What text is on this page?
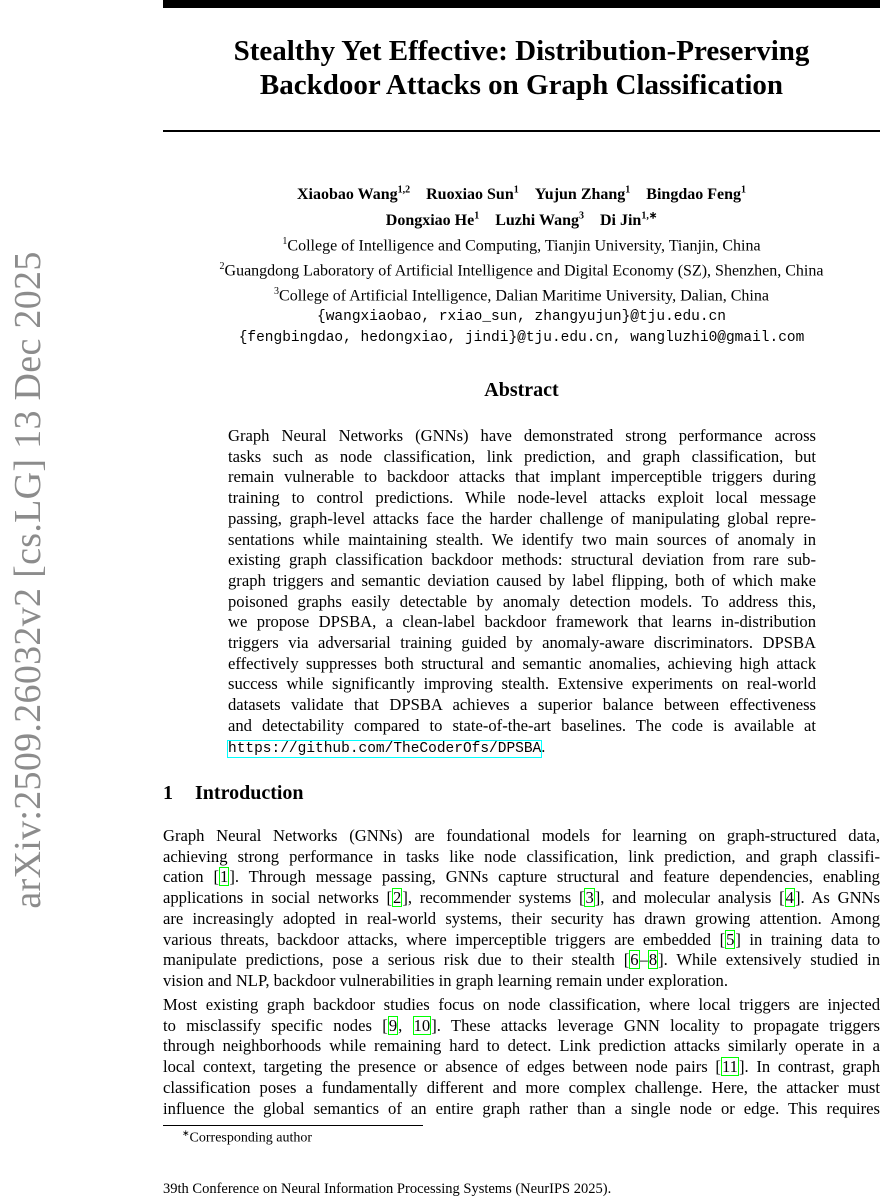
arXiv:2509.26032v2 [cs.LG] 13 Dec 2025
Stealthy Yet Effective: Distribution-Preserving
Backdoor Attacks on Graph Classification
Xiaobao Wang$^{1,2}$ Ruoxiao Sun$^1$ Yujun Zhang$^1$ Bingdao Feng$^1$
Dongxiao He$^1$ Luzhi Wang$^3$ Di Jin$^{1,∗}$
$^1$College of Intelligence and Computing, Tianjin University, Tianjin, China
$^2$Guangdong Laboratory of Artificial Intelligence and Digital Economy (SZ), Shenzhen, China
$^3$College of Artificial Intelligence, Dalian Maritime University, Dalian, China
{wangxiaobao, rxiao_sun, zhangyujun}@tju.edu.cn
{fengbingdao, hedongxiao, jindi}@tju.edu.cn, wangluzhi0@gmail.com
Abstract
Graph Neural Networks (GNNs) have demonstrated strong performance across
tasks such as node classification, link prediction, and graph classification, but
remain vulnerable to backdoor attacks that implant imperceptible triggers during
training to control predictions. While node-level attacks exploit local message
passing, graph-level attacks face the harder challenge of manipulating global repre-
sentations while maintaining stealth. We identify two main sources of anomaly in
existing graph classification backdoor methods: structural deviation from rare sub-
graph triggers and semantic deviation caused by label flipping, both of which make
poisoned graphs easily detectable by anomaly detection models. To address this,
we propose DPSBA, a clean-label backdoor framework that learns in-distribution
triggers via adversarial training guided by anomaly-aware discriminators. DPSBA
effectively suppresses both structural and semantic anomalies, achieving high attack
success while significantly improving stealth. Extensive experiments on real-world
datasets validate that DPSBA achieves a superior balance between effectiveness
and detectability compared to state-of-the-art baselines. The code is available at
https://github.com/TheCoderOfs/DPSBA.
1 Introduction
Graph Neural Networks (GNNs) are foundational models for learning on graph-structured data,
achieving strong performance in tasks like node classification, link prediction, and graph classifi-
cation [1]. Through message passing, GNNs capture structural and feature dependencies, enabling
applications in social networks [2], recommender systems [3], and molecular analysis [4]. As GNNs
are increasingly adopted in real-world systems, their security has drawn growing attention. Among
various threats, backdoor attacks, where imperceptible triggers are embedded [5] in training data to
manipulate predictions, pose a serious risk due to their stealth [6–8]. While extensively studied in
vision and NLP, backdoor vulnerabilities in graph learning remain under exploration.
Most existing graph backdoor studies focus on node classification, where local triggers are injected
to misclassify specific nodes [9, 10]. These attacks leverage GNN locality to propagate triggers
through neighborhoods while remaining hard to detect. Link prediction attacks similarly operate in a
local context, targeting the presence or absence of edges between node pairs [11]. In contrast, graph
classification poses a fundamentally different and more complex challenge. Here, the attacker must
influence the global semantics of an entire graph rather than a single node or edge. This requires
∗Corresponding author
39th Conference on Neural Information Processing Systems (NeurIPS 2025).
